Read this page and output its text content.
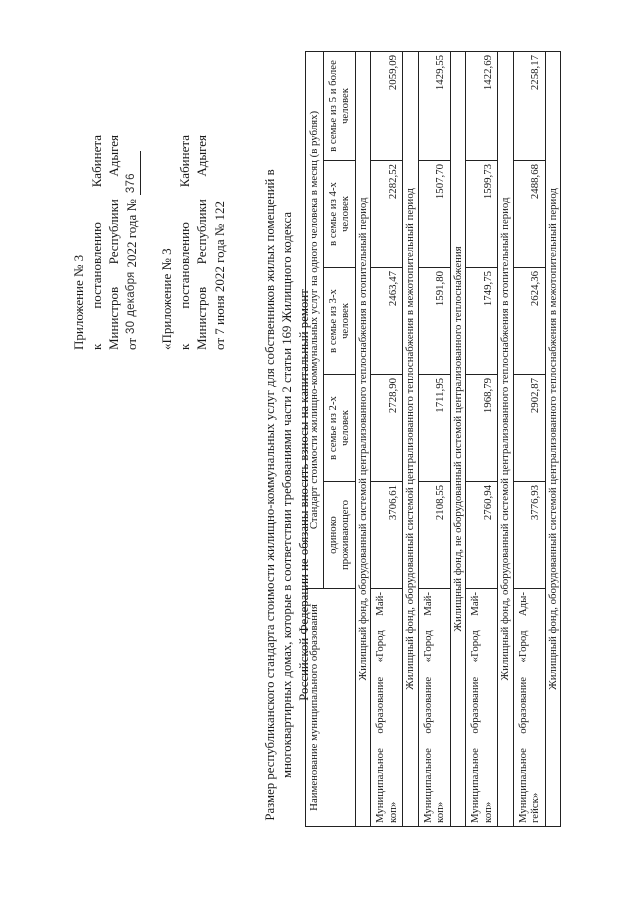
Приложение № 3 к
постановлению
Кабинета
Министров
Республики
Адыгея
от
30
декабря
2022 года №
376
«Приложение № 3 к
постановлению
Кабинета
Министров
Республики
Адыгея
от 7 июня 2022 года № 122	Размер республиканского стандарта стоимости жилищно-коммунальных услуг для собственников жилых помещений в многоквартирных домах, которые в соответствии требованиями части 2 статьи 169 Жилищного кодекса Российской Федерации не обязаны вносить взносы на капитальный ремонт
Наименование муниципального образования	Стандарт стоимости жилищно-коммунальных услуг на одного человека в месяц (в рублях)				
	одиноко проживающего	в семье из 2-х человек	в семье из 3-х человек	в семье из 4-х человек	в семье из 5 и более человек
Жилищный фонд, оборудованный системой централизованного теплоснабжения в отопительный период					
Муниципальное образование «Город Май- коп»	3706,61	2728,90	2463,47	2282,52	2059,09
Жилищный фонд, оборудованный системой централизованного теплоснабжения в межотопительный период					
Муниципальное образование «Город Май- коп»	2108,55	1711,95	1591,80	1507,70	1429,55
Жилищный фонд, не оборудованный системой централизованного теплоснабжения					
Муниципальное образование «Город Май- коп»	2760,94	1968,79	1749,75	1599,73	1422,69
Жилищный фонд, оборудованный системой централизованного теплоснабжения в отопительный период					
Муниципальное образование «Город Ады- гейск»	3776,93	2902,87	2624,36	2488,68	2258,17
Жилищный фонд, оборудованный системой централизованного теплоснабжения в межотопительный период					
